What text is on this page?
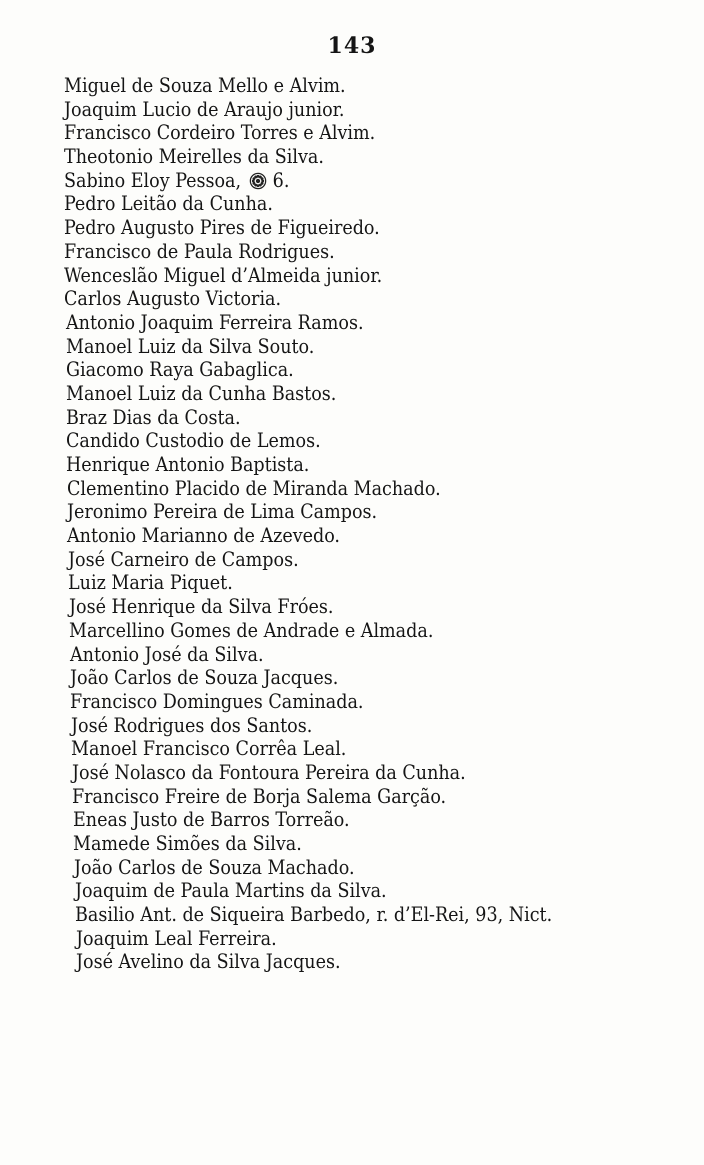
143
Miguel de Souza Mello e Alvim.
Joaquim Lucio de Araujo junior.
Francisco Cordeiro Torres e Alvim.
Theotonio Meirelles da Silva.
Sabino Eloy Pessoa, 6.
Pedro Leitão da Cunha.
Pedro Augusto Pires de Figueiredo.
Francisco de Paula Rodrigues.
Wenceslão Miguel d’Almeida junior.
Carlos Augusto Victoria.
Antonio Joaquim Ferreira Ramos.
Manoel Luiz da Silva Souto.
Giacomo Raya Gabaglica.
Manoel Luiz da Cunha Bastos.
Braz Dias da Costa.
Candido Custodio de Lemos.
Henrique Antonio Baptista.
Clementino Placido de Miranda Machado.
Jeronimo Pereira de Lima Campos.
Antonio Marianno de Azevedo.
José Carneiro de Campos.
Luiz Maria Piquet.
José Henrique da Silva Fróes.
Marcellino Gomes de Andrade e Almada.
Antonio José da Silva.
João Carlos de Souza Jacques.
Francisco Domingues Caminada.
José Rodrigues dos Santos.
Manoel Francisco Corrêa Leal.
José Nolasco da Fontoura Pereira da Cunha.
Francisco Freire de Borja Salema Garção.
Eneas Justo de Barros Torreão.
Mamede Simões da Silva.
João Carlos de Souza Machado.
Joaquim de Paula Martins da Silva.
Basilio Ant. de Siqueira Barbedo, r. d’El-Rei, 93, Nict.
Joaquim Leal Ferreira.
José Avelino da Silva Jacques.
